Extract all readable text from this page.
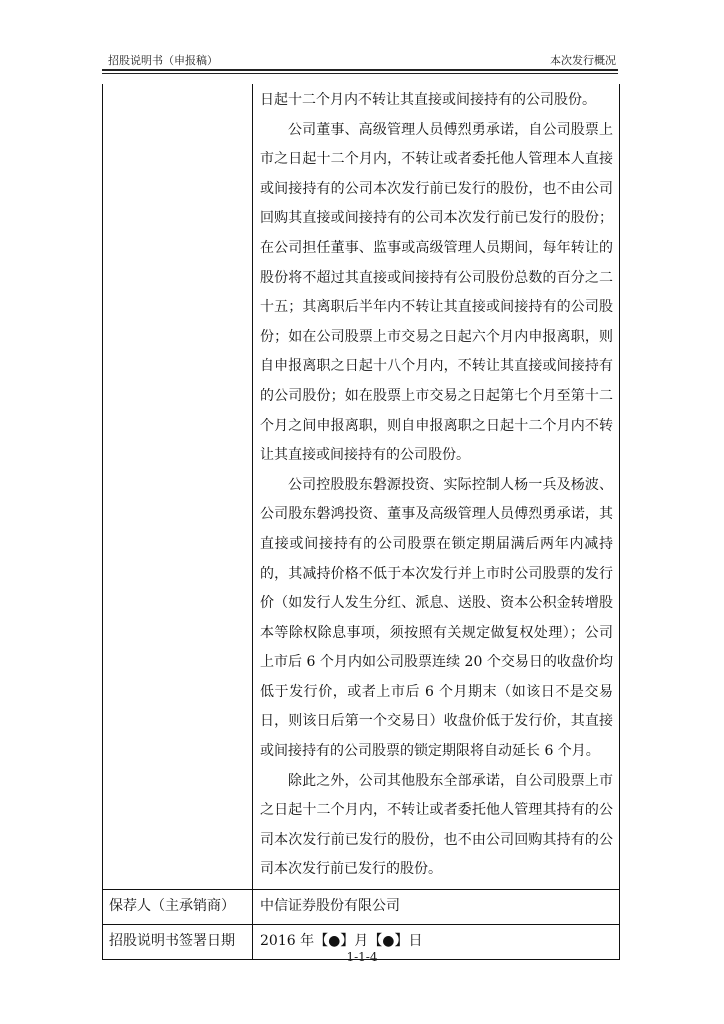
招股说明书（申报稿）	本次发行概况

	日起十二个月内不转让其直接或间接持有的公司股份。

公司董事、高级管理人员傅烈勇承诺，自公司股票上市之日起十二个月内，不转让或者委托他人管理本人直接或间接持有的公司本次发行前已发行的股份，也不由公司回购其直接或间接持有的公司本次发行前已发行的股份；在公司担任董事、监事或高级管理人员期间，每年转让的股份将不超过其直接或间接持有公司股份总数的百分之二十五；其离职后半年内不转让其直接或间接持有的公司股份；如在公司股票上市交易之日起六个月内申报离职，则自申报离职之日起十八个月内，不转让其直接或间接持有的公司股份；如在股票上市交易之日起第七个月至第十二个月之间申报离职，则自申报离职之日起十二个月内不转让其直接或间接持有的公司股份。

公司控股股东磐源投资、实际控制人杨一兵及杨波、公司股东磐鸿投资、董事及高级管理人员傅烈勇承诺，其直接或间接持有的公司股票在锁定期届满后两年内减持的，其减持价格不低于本次发行并上市时公司股票的发行价（如发行人发生分红、派息、送股、资本公积金转增股本等除权除息事项，须按照有关规定做复权处理）；公司上市后 6 个月内如公司股票连续 20 个交易日的收盘价均低于发行价，或者上市后 6 个月期末（如该日不是交易日，则该日后第一个交易日）收盘价低于发行价，其直接或间接持有的公司股票的锁定期限将自动延长 6 个月。

除此之外，公司其他股东全部承诺，自公司股票上市之日起十二个月内，不转让或者委托他人管理其持有的公司本次发行前已发行的股份，也不由公司回购其持有的公司本次发行前已发行的股份。

保荐人（主承销商）	中信证券股份有限公司
招股说明书签署日期	2016 年【●】月【●】日
1-1-4
